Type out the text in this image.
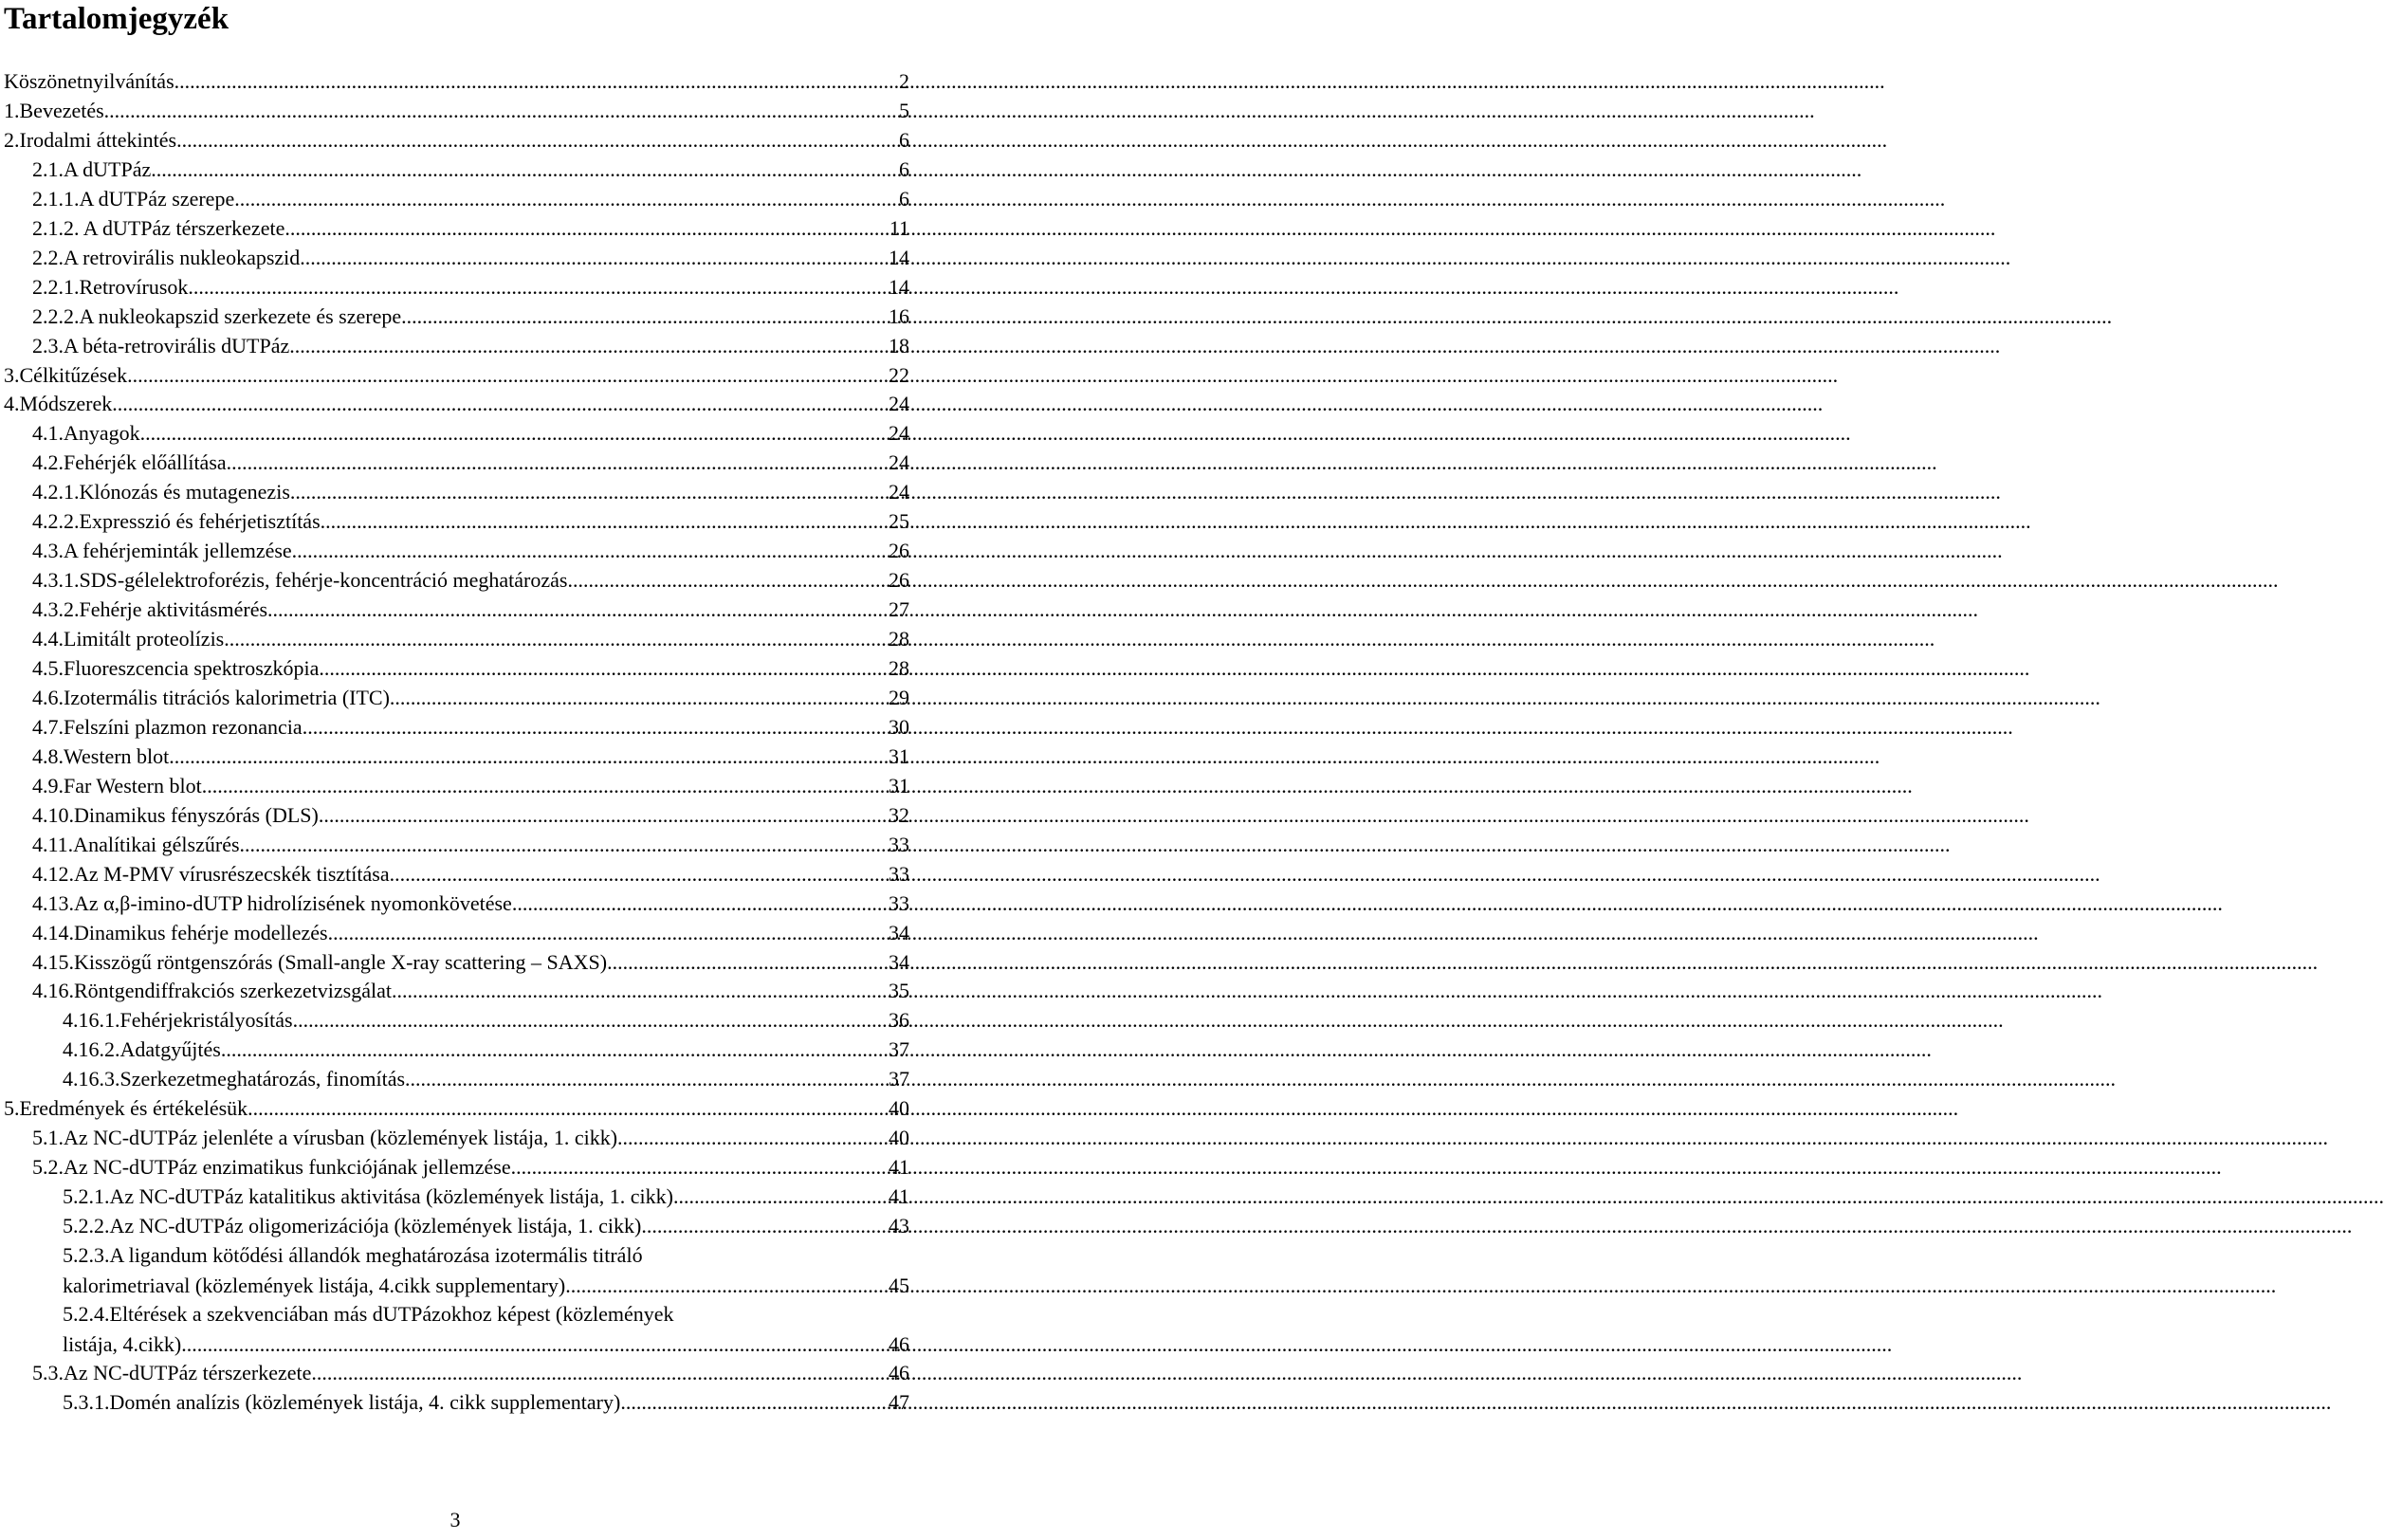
Tartalomjegyzék
Köszönetnyilvánítás .....	2
1.Bevezetés .....	5
2.Irodalmi áttekintés .....	6
2.1.A dUTPáz .....	6
2.1.1.A dUTPáz szerepe .....	6
2.1.2. A dUTPáz térszerkezete .....	11
2.2.A retrovirális nukleokapszid .....	14
2.2.1.Retrovírusok .....	14
2.2.2.A nukleokapszid szerkezete és szerepe .....	16
2.3.A béta-retrovirális dUTPáz .....	18
3.Célkitűzések .....	22
4.Módszerek .....	24
4.1.Anyagok .....	24
4.2.Fehérjék előállítása .....	24
4.2.1.Klónozás és mutagenezis .....	24
4.2.2.Expresszió és fehérjetisztítás .....	25
4.3.A fehérjeminták jellemzése .....	26
4.3.1.SDS-gélelektroforézis, fehérje-koncentráció meghatározás .....	26
4.3.2.Fehérje aktivitásmérés .....	27
4.4.Limitált proteolízis .....	28
4.5.Fluoreszcencia spektroszkópia .....	28
4.6.Izotermális titrációs kalorimetria (ITC) .....	29
4.7.Felszíni plazmon rezonancia .....	30
4.8.Western blot .....	31
4.9.Far Western blot .....	31
4.10.Dinamikus fényszórás (DLS) .....	32
4.11.Analítikai gélszűrés .....	33
4.12.Az M-PMV vírusrészecskék tisztítása .....	33
4.13.Az α,β-imino-dUTP hidrolízisének nyomonkövetése .....	33
4.14.Dinamikus fehérje modellezés .....	34
4.15.Kisszögű röntgenszórás (Small-angle X-ray scattering – SAXS) .....	34
4.16.Röntgendiffrakciós szerkezetvizsgálat .....	35
4.16.1.Fehérjekristályosítás .....	36
4.16.2.Adatgyűjtés .....	37
4.16.3.Szerkezetmeghatározás, finomítás .....	37
5.Eredmények és értékelésük .....	40
5.1.Az NC-dUTPáz jelenléte a vírusban (közlemények listája, 1. cikk) .....	40
5.2.Az NC-dUTPáz enzimatikus funkciójának jellemzése .....	41
5.2.1.Az NC-dUTPáz katalitikus aktivitása (közlemények listája, 1. cikk) .....	41
5.2.2.Az NC-dUTPáz oligomerizációja (közlemények listája, 1. cikk) .....	43
5.2.3.A ligandum kötődési állandók meghatározása izotermális titráló
kalorimetriaval (közlemények listája, 4.cikk supplementary) .....	45
5.2.4.Eltérések a szekvenciában más dUTPázokhoz képest (közlemények
listája, 4.cikk) .....	46
5.3.Az NC-dUTPáz térszerkezete .....	46
5.3.1.Domén analízis (közlemények listája, 4. cikk supplementary) .....	47
3
